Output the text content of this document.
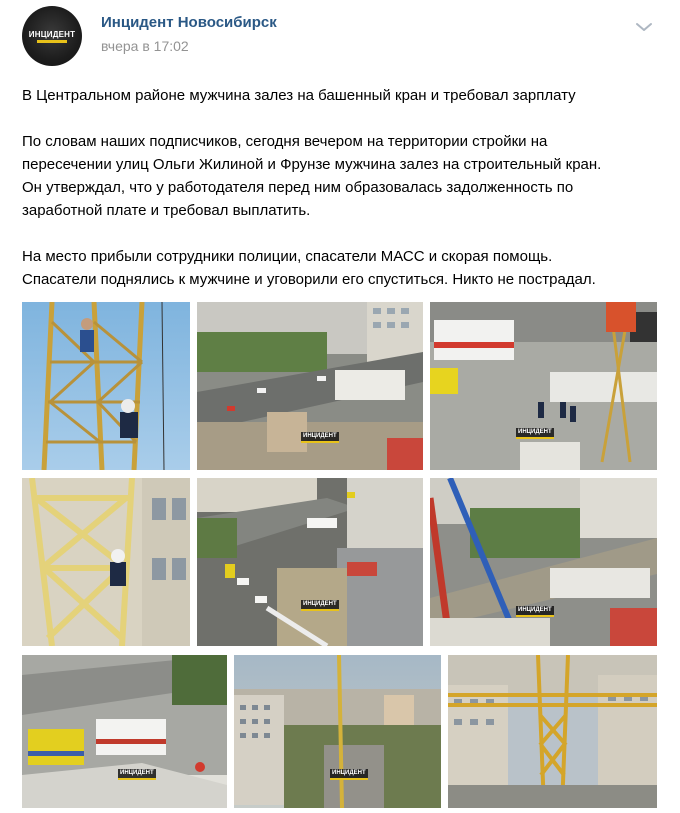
ИНЦИДЕНТ
Инцидент Новосибирск
вчера в 17:02

В Центральном районе мужчина залез на башенный кран и требовал зарплату

По словам наших подписчиков, сегодня вечером на территории стройки на

пересечении улиц Ольги Жилиной и Фрунзе мужчина залез на строительный кран.

Он утверждал, что у работодателя перед ним образовалась задолженность по

заработной плате и требовал выплатить.

На место прибыли сотрудники полиции, спасатели МАСС и скорая помощь.

Спасатели поднялись к мужчине и уговорили его спуститься. Никто не пострадал.

ИНЦИДЕНТ
ИНЦИДЕНТ
ИНЦИДЕНТ
ИНЦИДЕНТ
ИНЦИДЕНТ	ИНЦИДЕНТ
